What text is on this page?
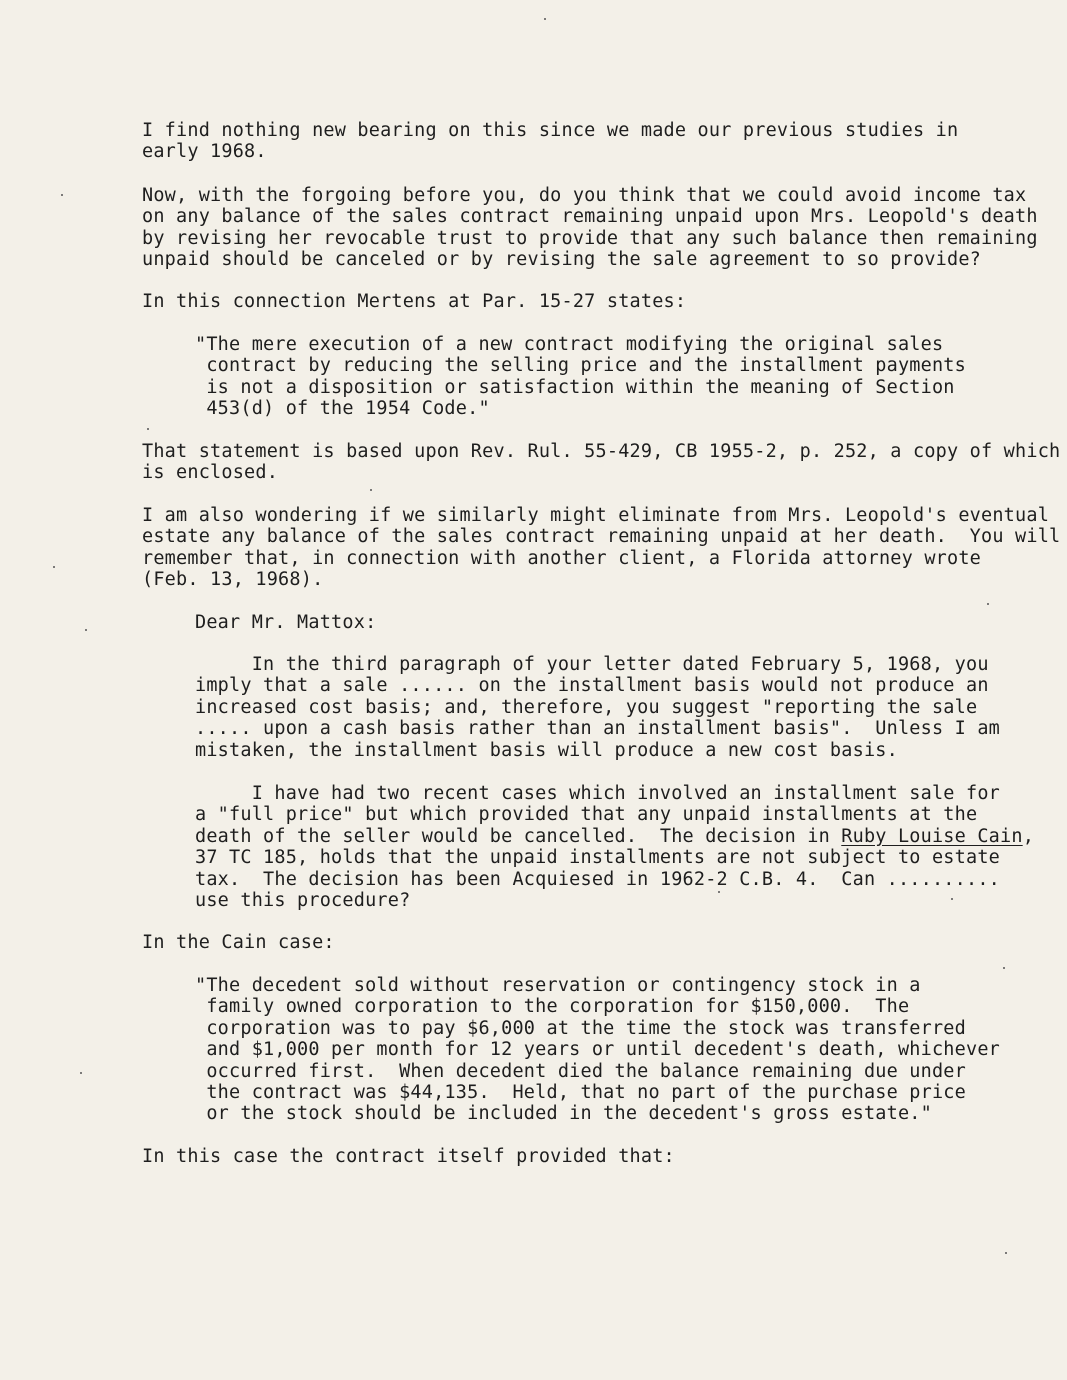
I find nothing new bearing on this since we made our previous studies in
early 1968.

Now, with the forgoing before you, do you think that we could avoid income tax
on any balance of the sales contract remaining unpaid upon Mrs. Leopold's death
by revising her revocable trust to provide that any such balance then remaining
unpaid should be canceled or by revising the sale agreement to so provide?

In this connection Mertens at Par. 15-27 states:

"The mere execution of a new contract modifying the original sales
contract by reducing the selling price and the installment payments
is not a disposition or satisfaction within the meaning of Section
453(d) of the 1954 Code."

That statement is based upon Rev. Rul. 55-429, CB 1955-2, p. 252, a copy of which
is enclosed.

I am also wondering if we similarly might eliminate from Mrs. Leopold's eventual
estate any balance of the sales contract remaining unpaid at her death.  You will
remember that, in connection with another client, a Florida attorney wrote
(Feb. 13, 1968).

Dear Mr. Mattox:

In the third paragraph of your letter dated February 5, 1968, you
imply that a sale ...... on the installment basis would not produce an
increased cost basis; and, therefore, you suggest "reporting the sale
..... upon a cash basis rather than an installment basis".  Unless I am
mistaken, the installment basis will produce a new cost basis.

I have had two recent cases which involved an installment sale for
a "full price" but which provided that any unpaid installments at the
death of the seller would be cancelled.  The decision in Ruby Louise Cain,
37 TC 185, holds that the unpaid installments are not subject to estate
tax.  The decision has been Acquiesed in 1962-2 C.B. 4.  Can ..........
use this procedure?

In the Cain case:

"The decedent sold without reservation or contingency stock in a
family owned corporation to the corporation for $150,000.  The
corporation was to pay $6,000 at the time the stock was transferred
and $1,000 per month for 12 years or until decedent's death, whichever
occurred first.  When decedent died the balance remaining due under
the contract was $44,135.  Held, that no part of the purchase price
or the stock should be included in the decedent's gross estate."

In this case the contract itself provided that:
